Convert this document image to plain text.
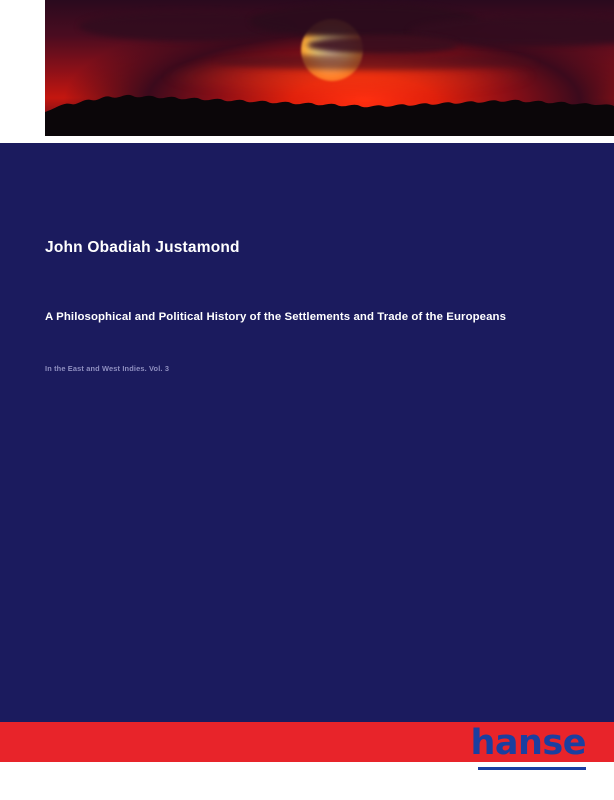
John Obadiah Justamond
A Philosophical and Political History of the Settlements and Trade of the Europeans
In the East and West Indies. Vol. 3
hanse
